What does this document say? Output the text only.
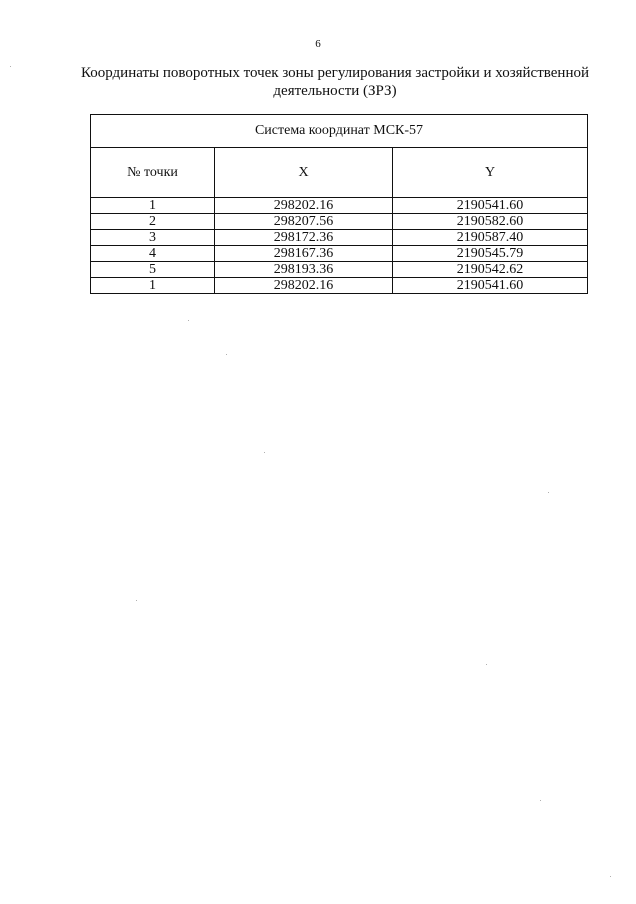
6
Координаты поворотных точек зоны регулирования застройки и хозяйственной деятельности (ЗРЗ)
Система координат МСК-57		
№ точки	X	Y
1	298202.16	2190541.60
2	298207.56	2190582.60
3	298172.36	2190587.40
4	298167.36	2190545.79
5	298193.36	2190542.62
1	298202.16	2190541.60
